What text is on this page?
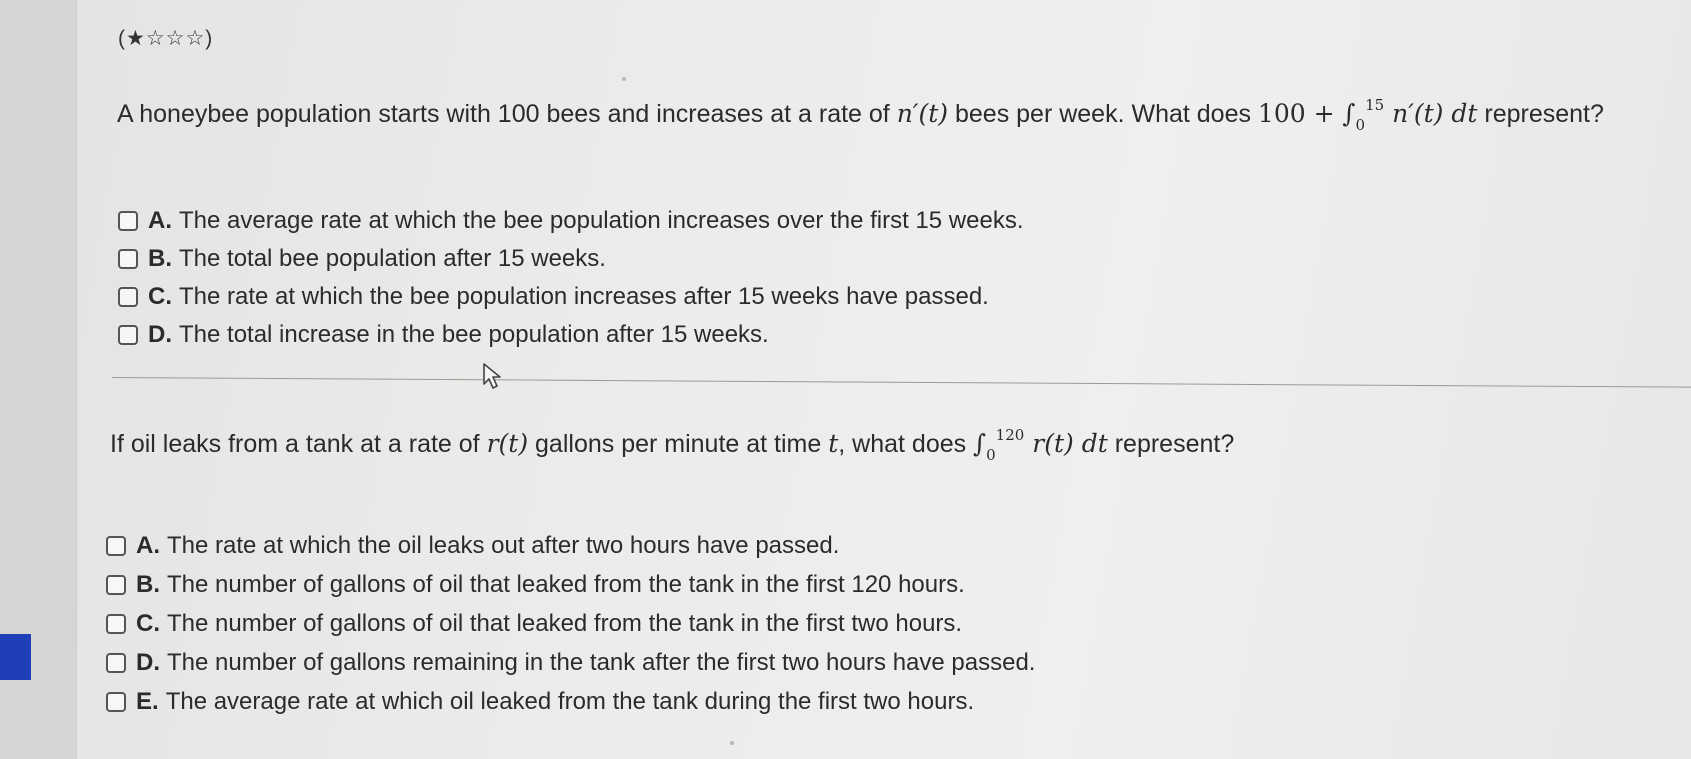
(★☆☆☆)
A honeybee population starts with 100 bees and increases at a rate of n′(t) bees per week. What does $100 + \int_0^{15}$ n′(t) dt represent?
A. The average rate at which the bee population increases over the first 15 weeks.
B. The total bee population after 15 weeks.
C. The rate at which the bee population increases after 15 weeks have passed.
D. The total increase in the bee population after 15 weeks.
If oil leaks from a tank at a rate of r(t) gallons per minute at time t, what does $\int_0^{120}$ r(t) dt represent?
A. The rate at which the oil leaks out after two hours have passed.
B. The number of gallons of oil that leaked from the tank in the first 120 hours.
C. The number of gallons of oil that leaked from the tank in the first two hours.
D. The number of gallons remaining in the tank after the first two hours have passed.
E. The average rate at which oil leaked from the tank during the first two hours.
